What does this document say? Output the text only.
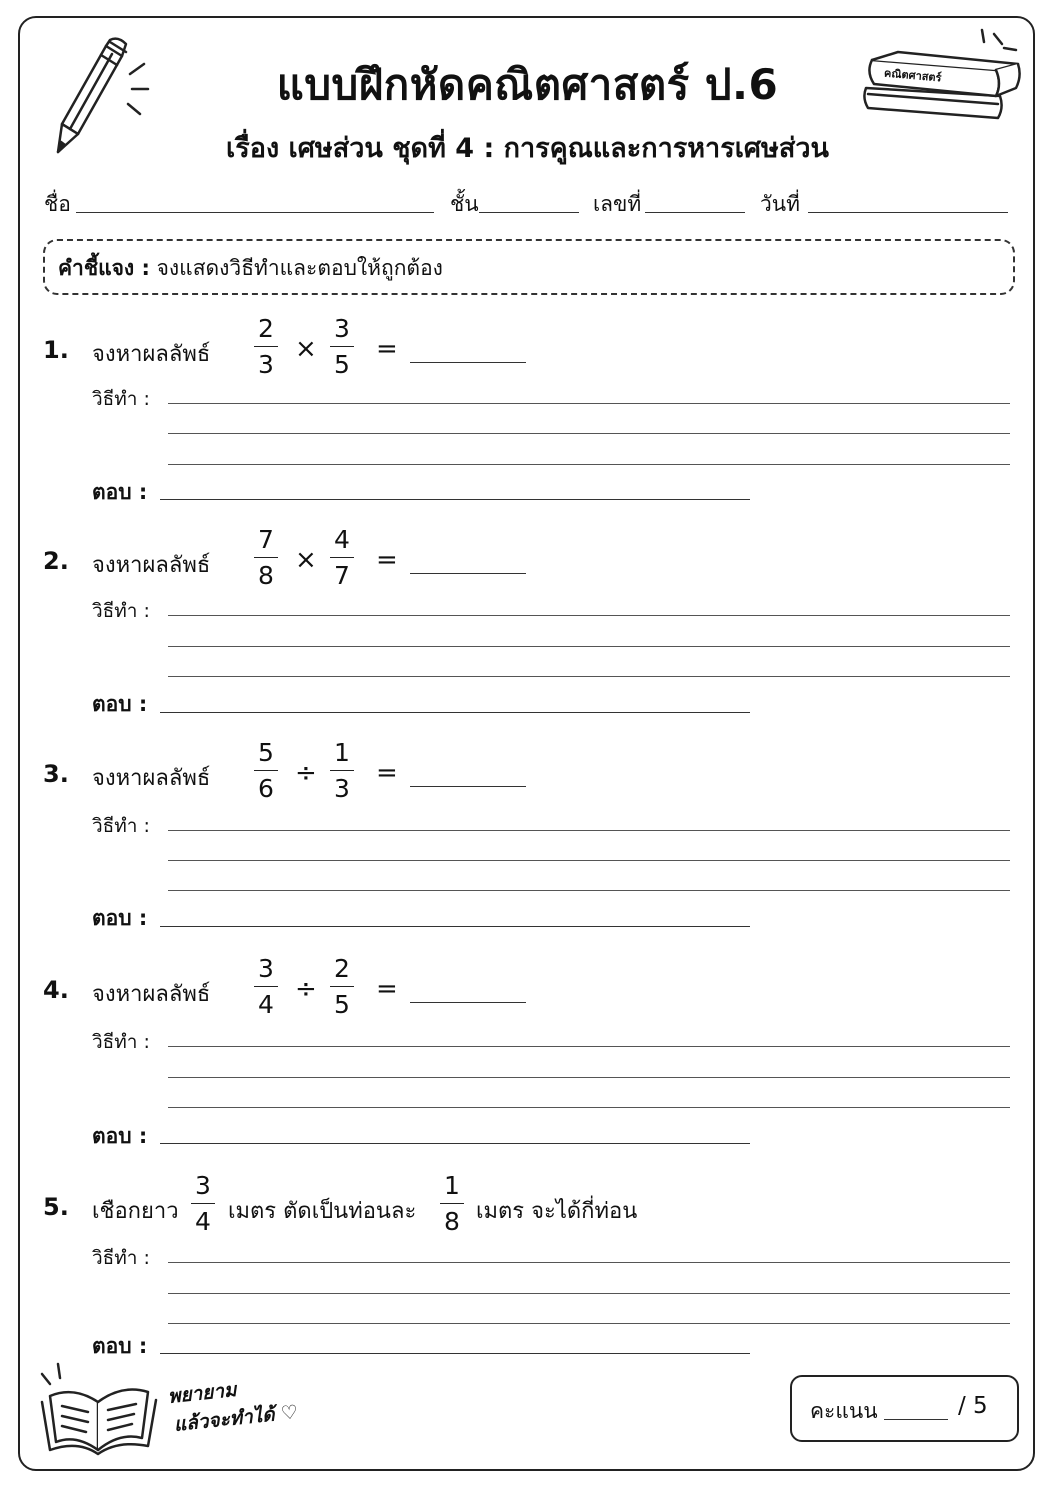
คณิตศาสตร์
แบบฝึกหัดคณิตศาสตร์ ป.6
เรื่อง เศษส่วน ชุดที่ 4 : การคูณและการหารเศษส่วน
ชื่อ	ชั้น	เลขที่	วันที่
คำชี้แจง : จงแสดงวิธีทำและตอบให้ถูกต้อง
1. จงหาผลลัพธ์
2
3
×
3
5
=
วิธีทำ :
ตอบ :
2. จงหาผลลัพธ์
7
8
×
4
7
=
วิธีทำ :
ตอบ :
3. จงหาผลลัพธ์
5
6
÷
1
3
=
วิธีทำ :
ตอบ :
4. จงหาผลลัพธ์
3
4
÷
2
5
=
วิธีทำ :
ตอบ :
5. เชือกยาว
3
4 เมตร ตัดเป็นท่อนละ
1
8 เมตร จะได้กี่ท่อน
วิธีทำ :
ตอบ :
พยายาม
แล้วจะทำได้ ♡	คะแนน	/ 5
